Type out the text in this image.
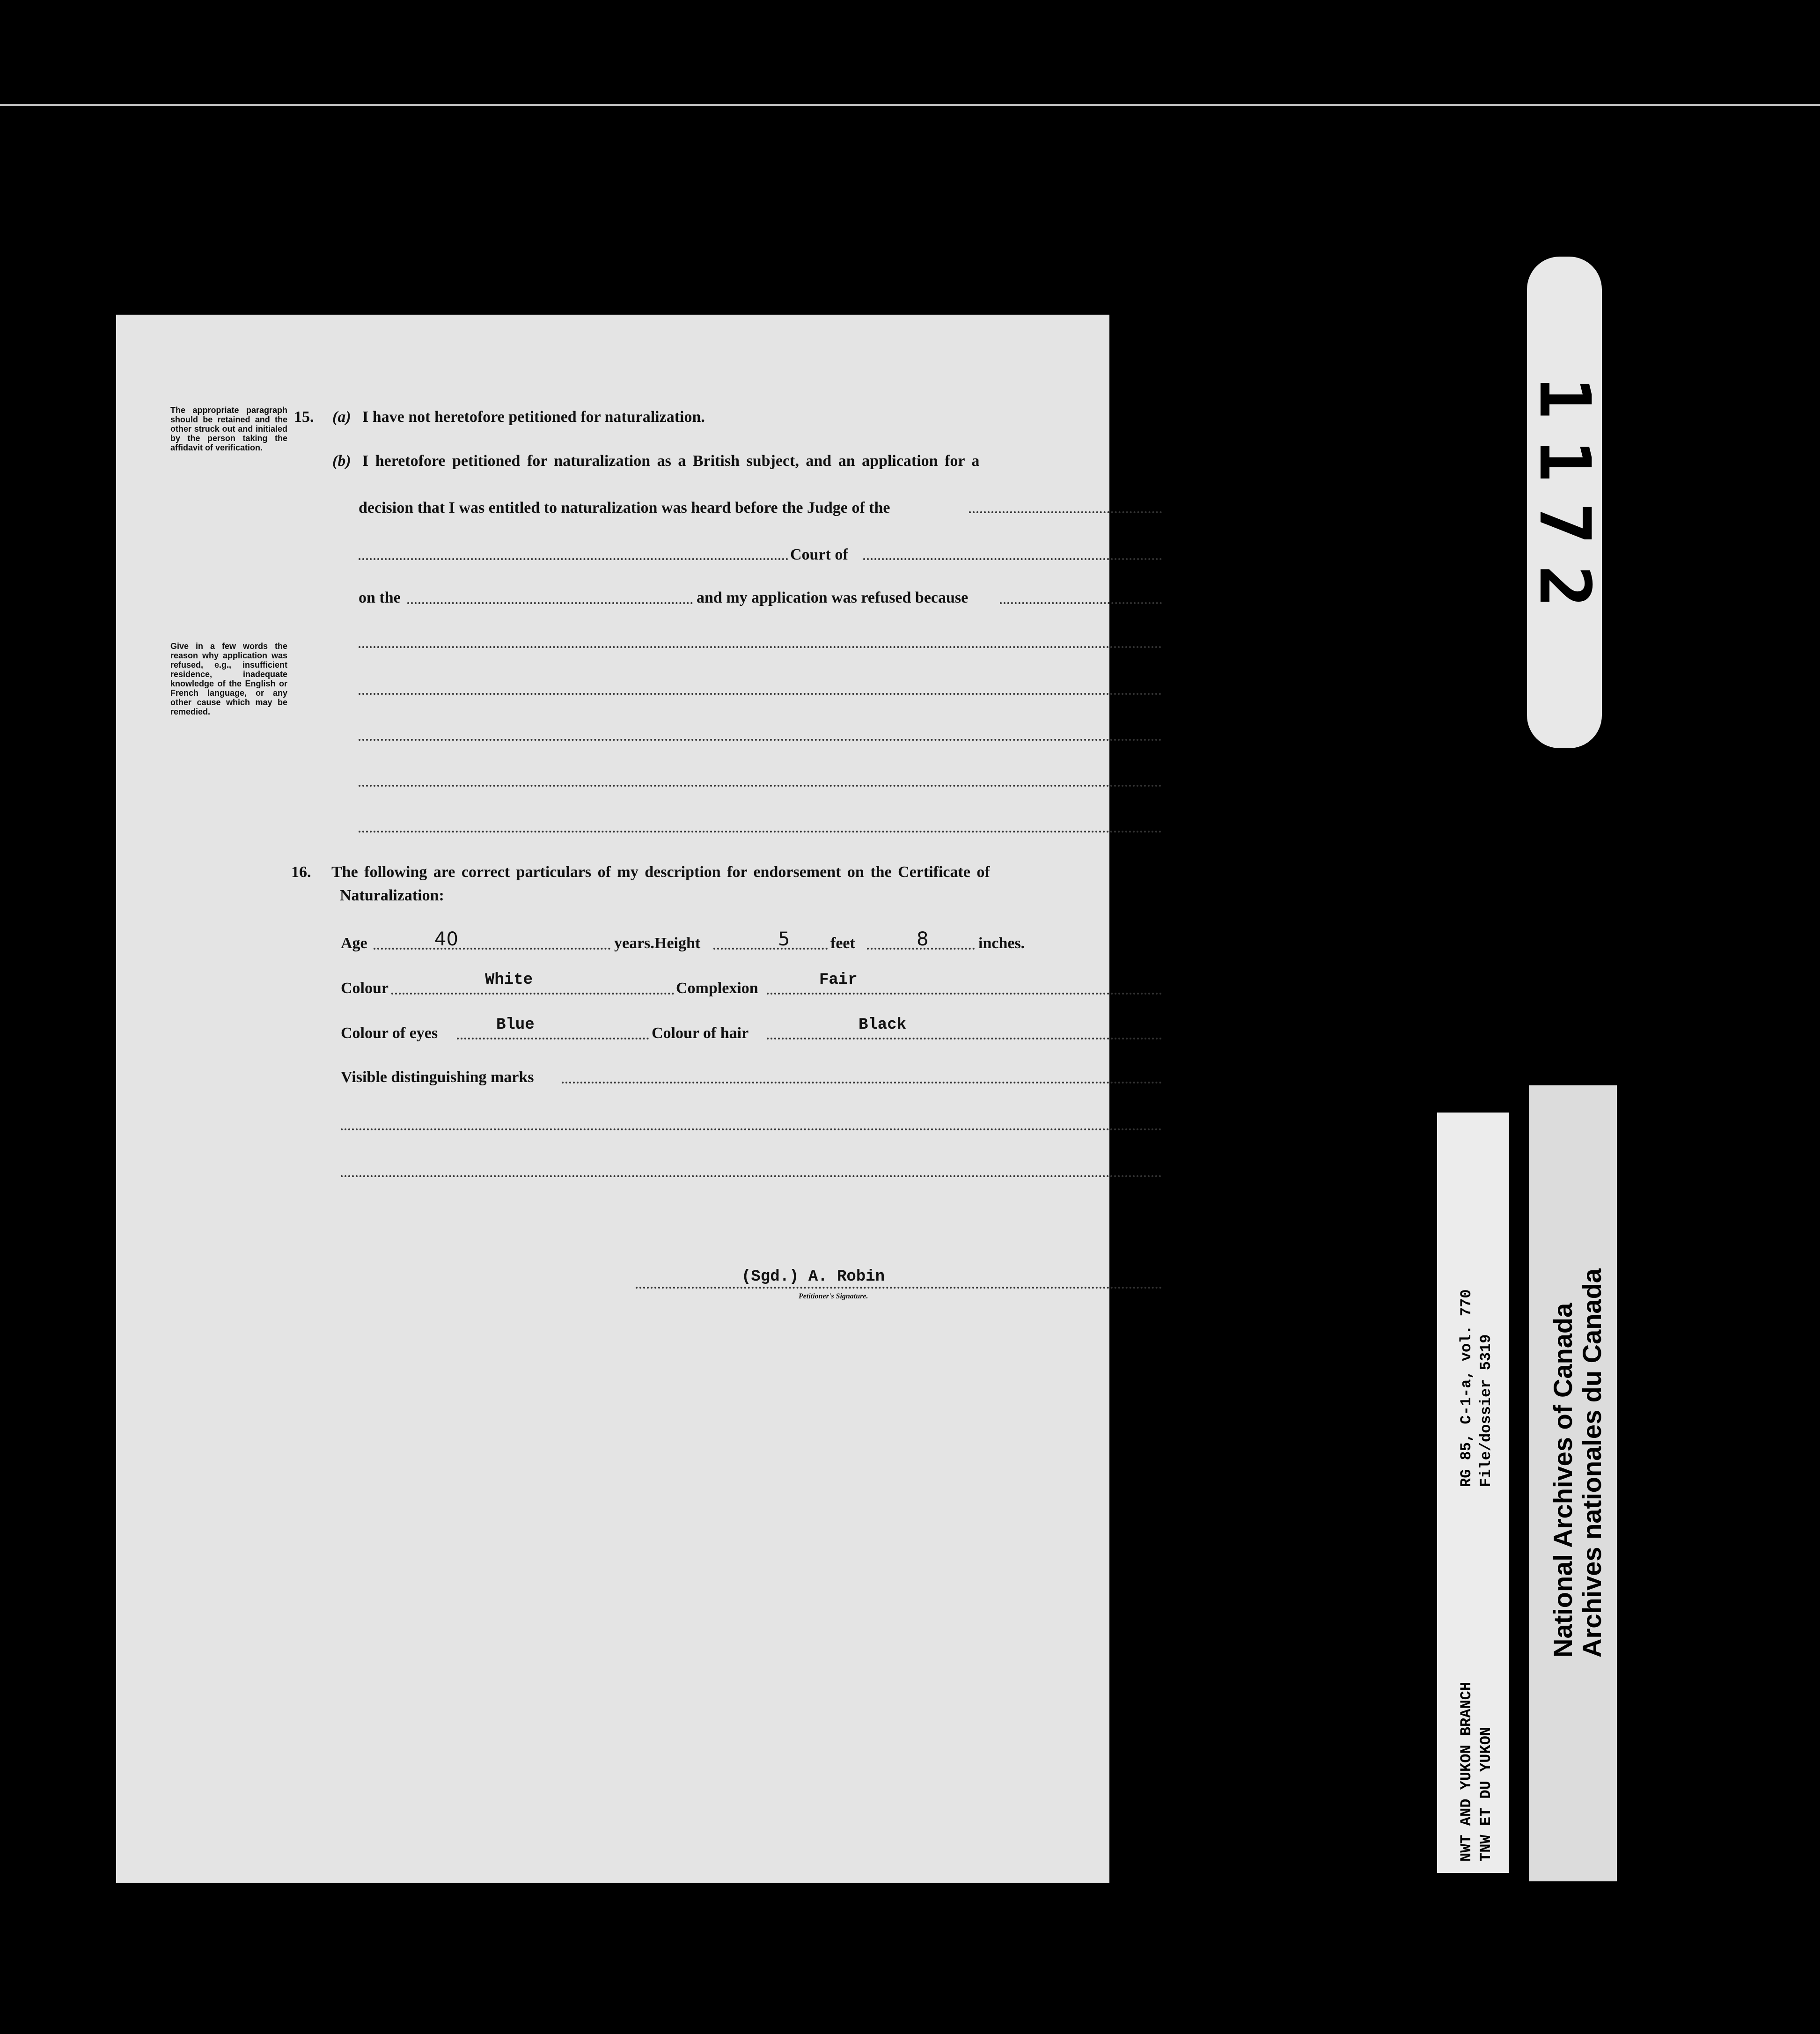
The appropriate paragraph should be retained and the other struck out and initialed by the person taking the affidavit of verification.
Give in a few words the reason why application was refused, e.g., insufficient residence, inadequate knowledge of the English or French language, or any other cause which may be remedied.
15. (a) I have not heretofore petitioned for naturalization.
(b) I heretofore petitioned for naturalization as a British subject, and an application for a
decision that I was entitled to naturalization was heard before the Judge of the
Court of
on the	and my application was refused because
16. The following are correct particulars of my description for endorsement on the Certificate of
Naturalization:
Age	40	years. Height	5	feet	8	inches.
Colour	White	Complexion	Fair
Colour of eyes	Blue	Colour of hair	Black
Visible distinguishing marks
(Sgd.) A. Robin
Petitioner's Signature.
00 1172 0
RG 85, C-1-a, vol. 770 File/dossier 5319
NWT AND YUKON BRANCH TNW ET DU YUKON
National Archives of Canada Archives nationales du Canada
